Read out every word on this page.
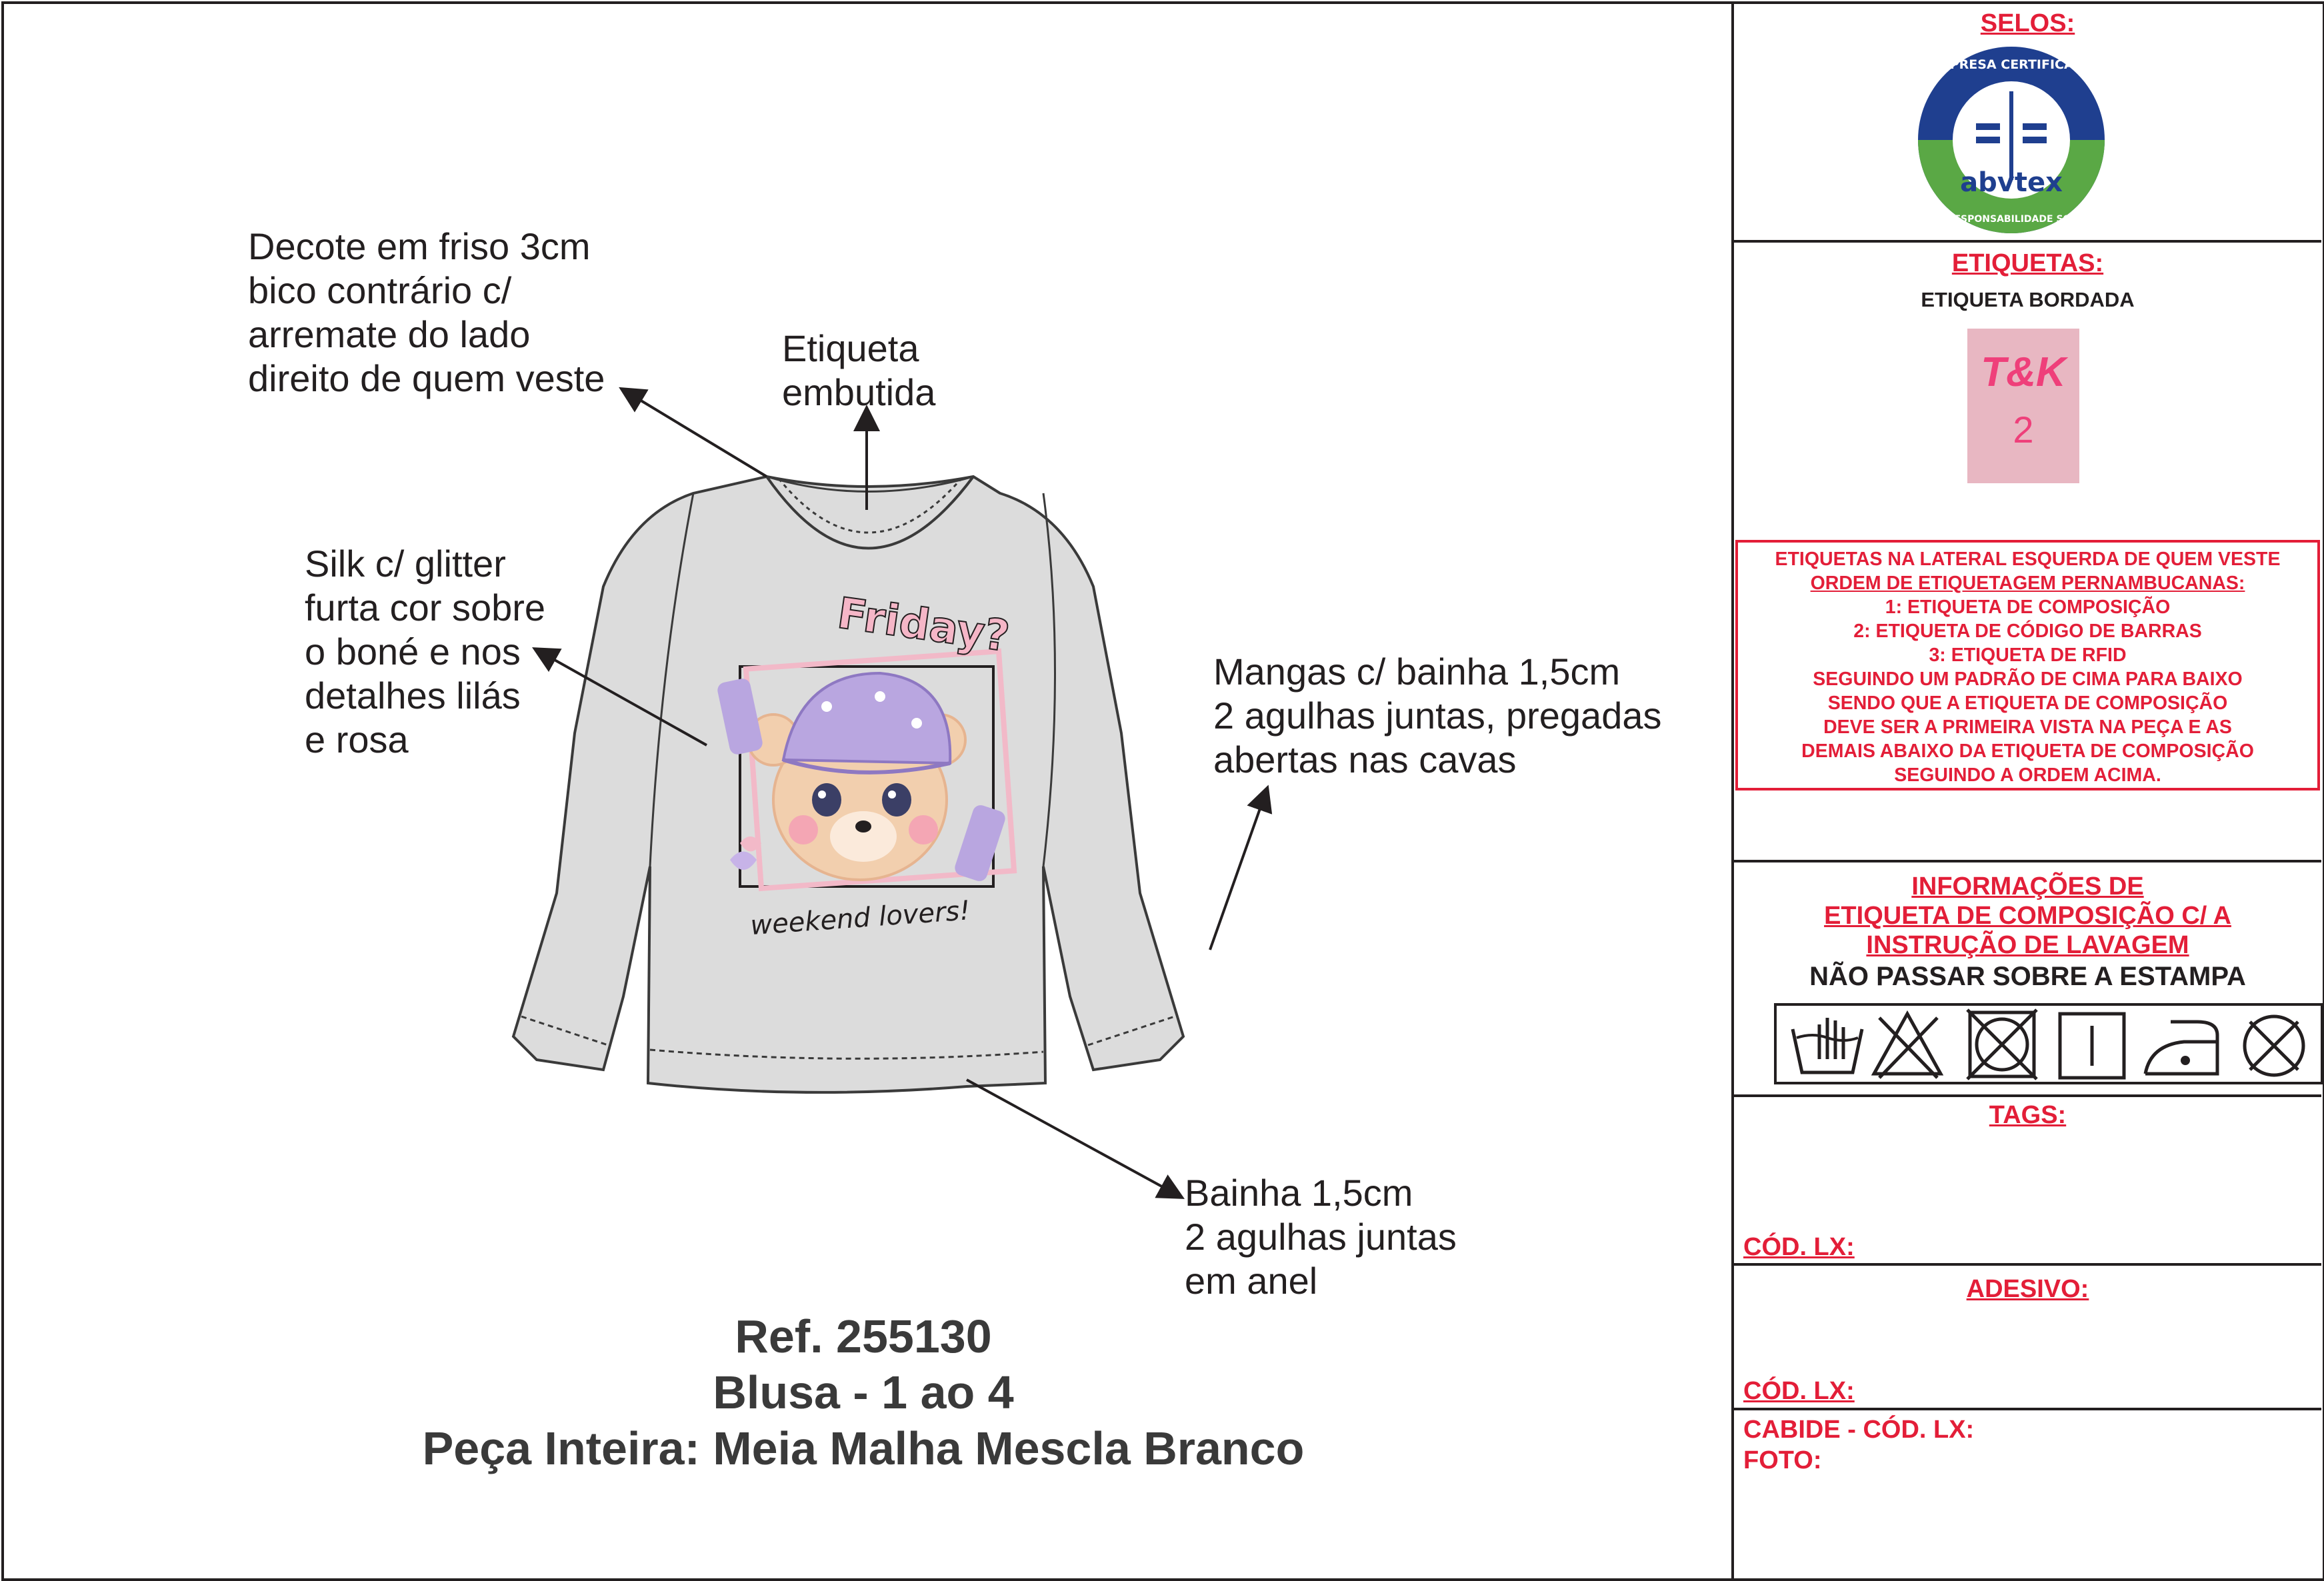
Friday?
weekend lovers!
Decote em friso 3cm
bico contrário c/
arremate do lado
direito de quem veste
Etiqueta
embutida
Silk c/ glitter
furta cor sobre
o boné e nos
detalhes lilás
e rosa
Mangas c/ bainha 1,5cm
2 agulhas juntas, pregadas
abertas nas cavas
Bainha 1,5cm
2 agulhas juntas
em anel
Ref. 255130
Blusa - 1 ao 4
Peça Inteira: Meia Malha Mescla Branco
SELOS:
abvtex
EMPRESA CERTIFICADA
EM RESPONSABILIDADE SOCIAL
ETIQUETAS:
ETIQUETA BORDADA
T&K
2
ETIQUETAS NA LATERAL ESQUERDA DE QUEM VESTE
ORDEM DE ETIQUETAGEM PERNAMBUCANAS:
1: ETIQUETA DE COMPOSIÇÃO
2: ETIQUETA DE CÓDIGO DE BARRAS
3: ETIQUETA DE RFID
SEGUINDO UM PADRÃO DE CIMA PARA BAIXO
SENDO QUE A ETIQUETA DE COMPOSIÇÃO
DEVE SER A PRIMEIRA VISTA NA PEÇA E AS
DEMAIS ABAIXO DA ETIQUETA DE COMPOSIÇÃO
SEGUINDO A ORDEM ACIMA.
INFORMAÇÕES DE
ETIQUETA DE COMPOSIÇÃO C/ A
INSTRUÇÃO DE LAVAGEM
NÃO PASSAR SOBRE A ESTAMPA
TAGS:
CÓD. LX:
ADESIVO:
CÓD. LX:
CABIDE - CÓD. LX:
FOTO:
